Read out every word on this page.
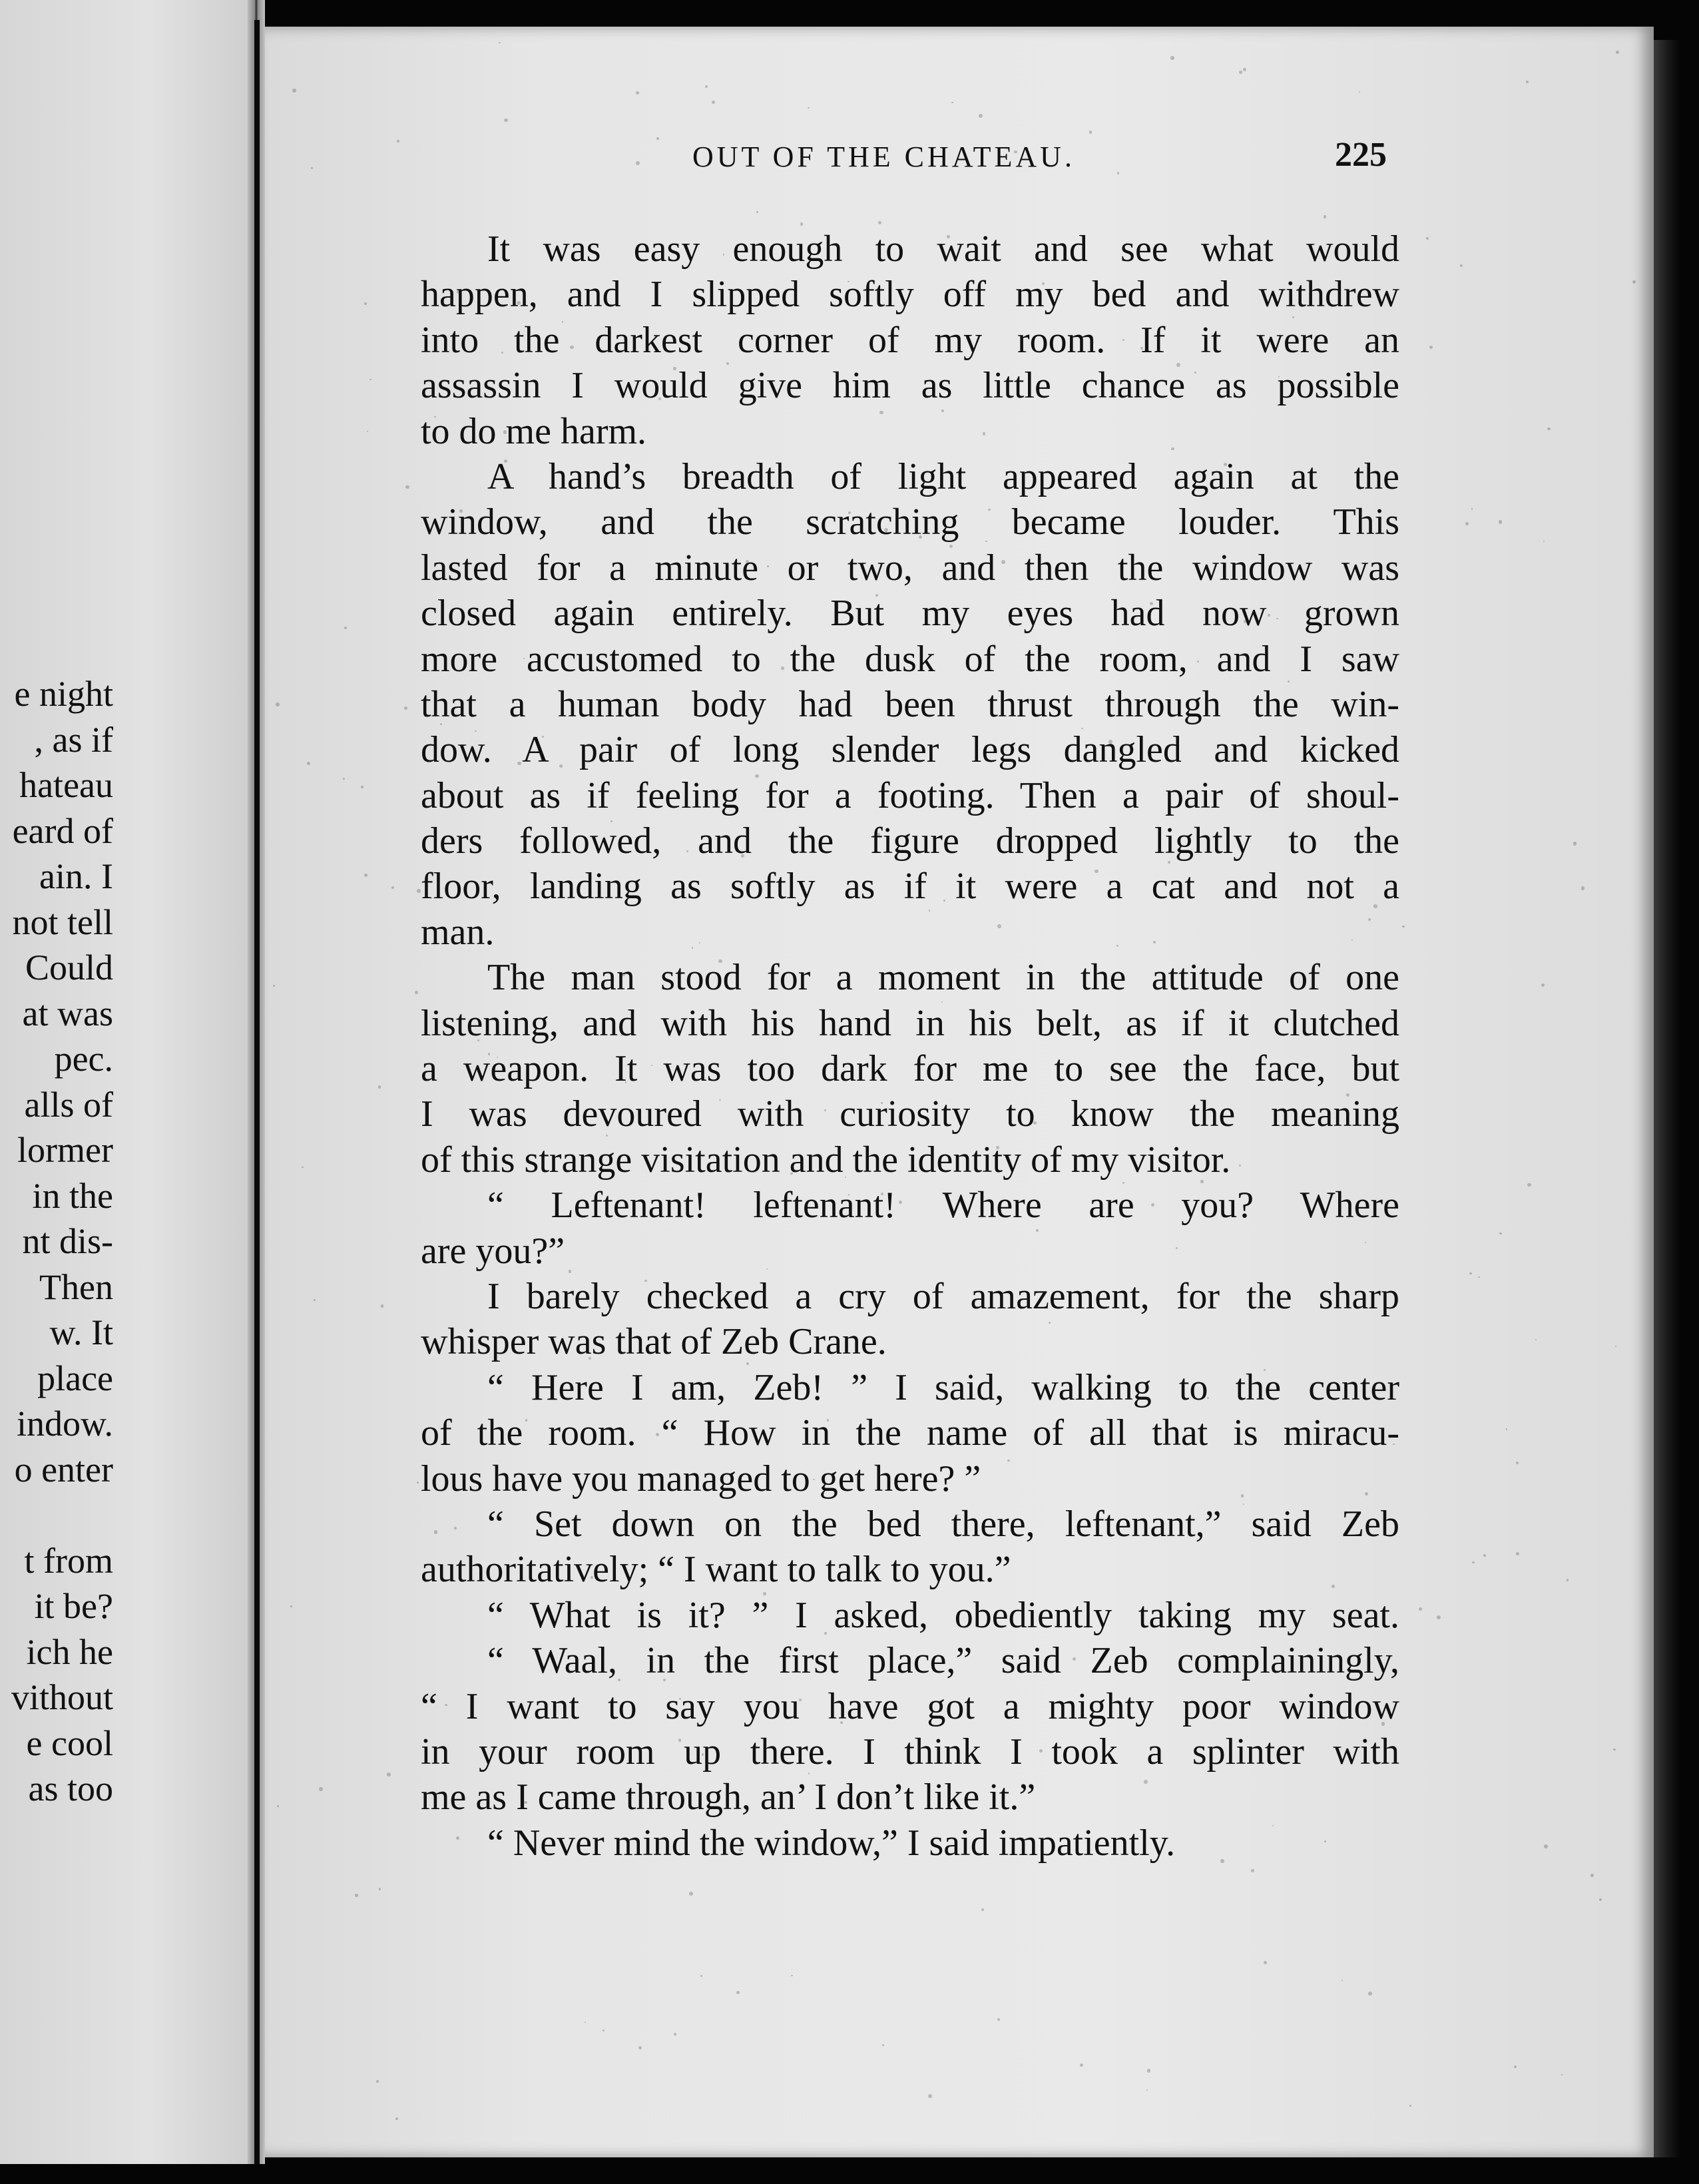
e night
, as if
hateau
eard of
ain. I
not tell
Could
at was
pec.
alls of
lormer
in the
nt dis-
Then
w. It
place
indow.
o enter
t from
it be?
ich he
vithout
e cool
as too
OUT OF THE CHATEAU.	225
It was easy enough to wait and see what would
happen, and I slipped softly off my bed and withdrew
into the darkest corner of my room. If it were an
assassin I would give him as little chance as possible
to do me harm.
A hand’s breadth of light appeared again at the
window, and the scratching became louder. This
lasted for a minute or two, and then the window was
closed again entirely. But my eyes had now grown
more accustomed to the dusk of the room, and I saw
that a human body had been thrust through the win-
dow. A pair of long slender legs dangled and kicked
about as if feeling for a footing. Then a pair of shoul-
ders followed, and the figure dropped lightly to the
floor, landing as softly as if it were a cat and not a
man.
The man stood for a moment in the attitude of one
listening, and with his hand in his belt, as if it clutched
a weapon. It was too dark for me to see the face, but
I was devoured with curiosity to know the meaning
of this strange visitation and the identity of my visitor.
“ Leftenant! leftenant! Where are you? Where
are you?”
I barely checked a cry of amazement, for the sharp
whisper was that of Zeb Crane.
“ Here I am, Zeb! ” I said, walking to the center
of the room. “ How in the name of all that is miracu-
lous have you managed to get here? ”
“ Set down on the bed there, leftenant,” said Zeb
authoritatively; “ I want to talk to you.”
“ What is it? ” I asked, obediently taking my seat.
“ Waal, in the first place,” said Zeb complainingly,
“ I want to say you have got a mighty poor window
in your room up there. I think I took a splinter with
me as I came through, an’ I don’t like it.”
“ Never mind the window,” I said impatiently.
